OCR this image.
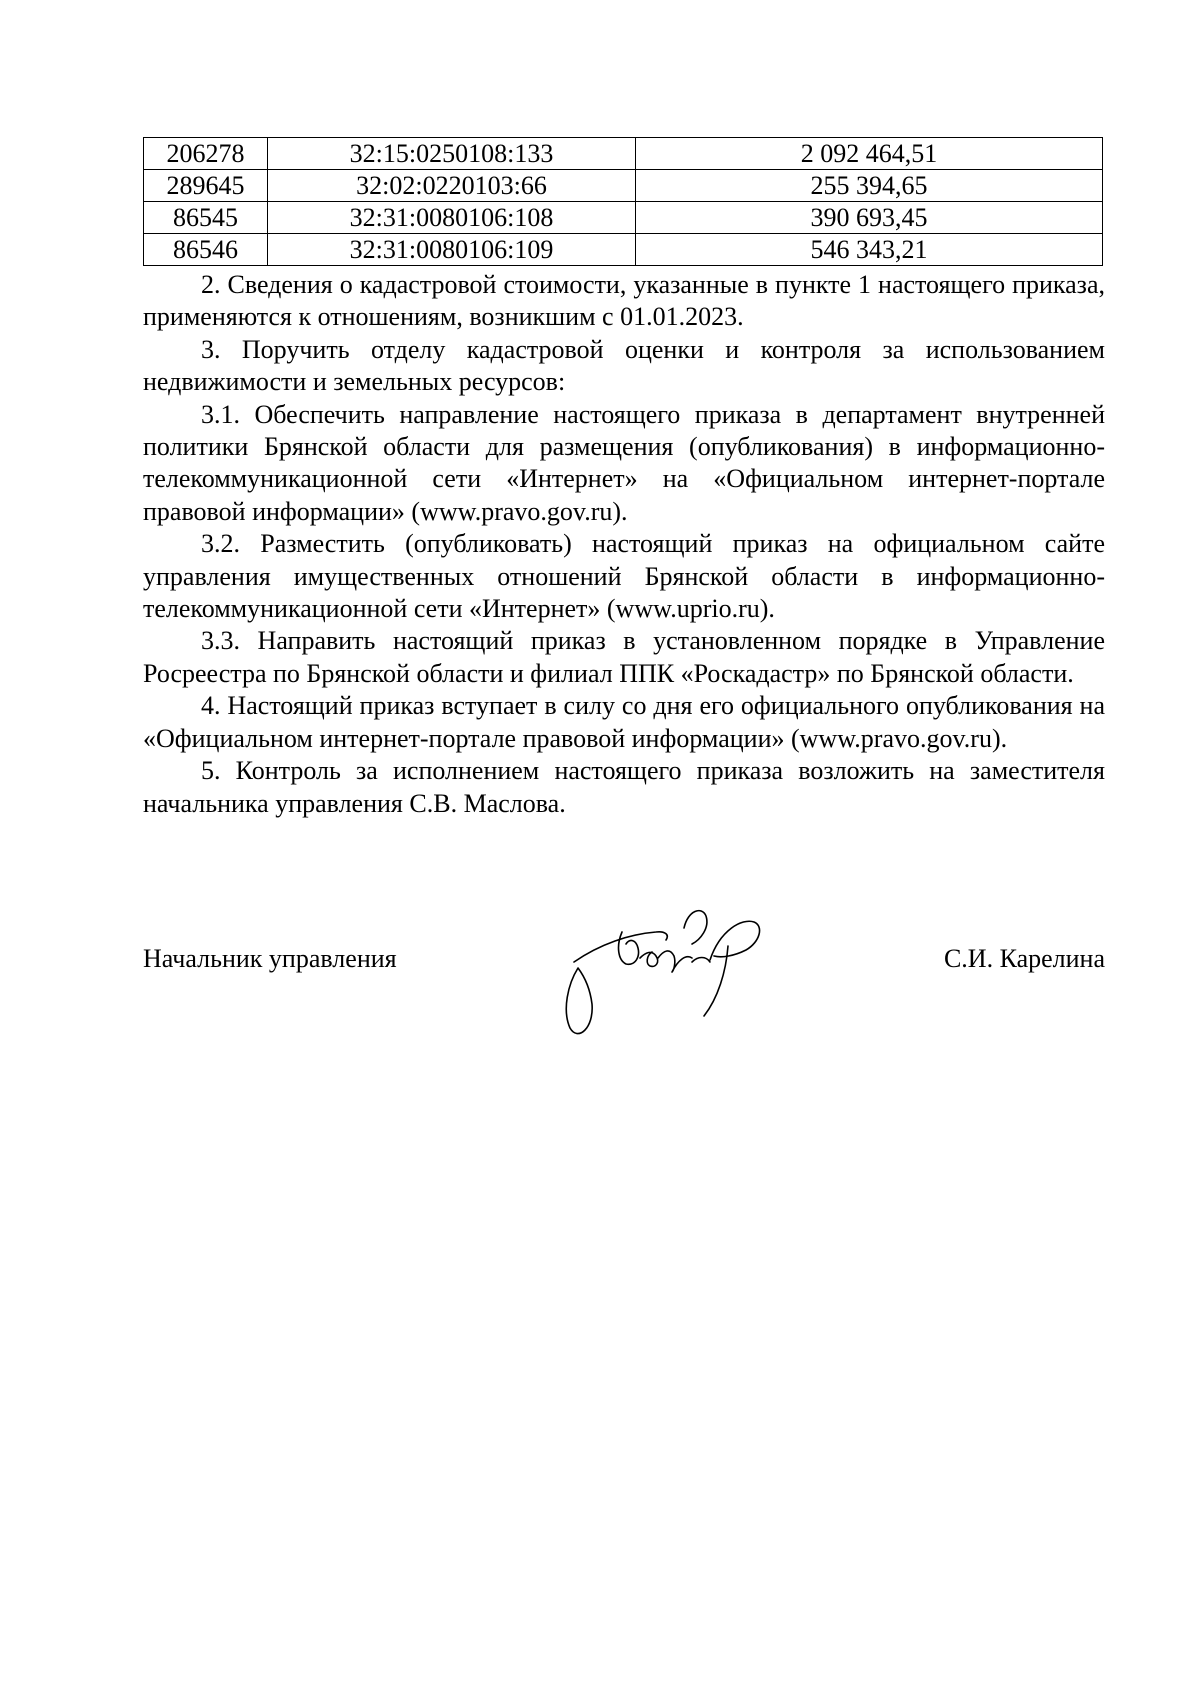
206278	32:15:0250108:133	2 092 464,51
289645	32:02:0220103:66	255 394,65
86545	32:31:0080106:108	390 693,45
86546	32:31:0080106:109	546 343,21

2. Сведения о кадастровой стоимости, указанные в пункте 1 настоящего приказа, применяются к отношениям, возникшим с 01.01.2023.

3. Поручить отделу кадастровой оценки и контроля за использованием недвижимости и земельных ресурсов:

3.1. Обеспечить направление настоящего приказа в департамент внутренней политики Брянской области для размещения (опубликования) в информационно-телекоммуникационной сети «Интернет» на «Официальном интернет-портале правовой информации» (www.pravo.gov.ru).

3.2. Разместить (опубликовать) настоящий приказ на официальном сайте управления имущественных отношений Брянской области в информационно-телекоммуникационной сети «Интернет» (www.uprio.ru).

3.3. Направить настоящий приказ в установленном порядке в Управление Росреестра по Брянской области и филиал ППК «Роскадастр» по Брянской области.

4. Настоящий приказ вступает в силу со дня его официального опубликования на «Официальном интернет-портале правовой информации» (www.pravo.gov.ru).

5. Контроль за исполнением настоящего приказа возложить на заместителя начальника управления С.В. Маслова.

Начальник управления	С.И. Карелина
